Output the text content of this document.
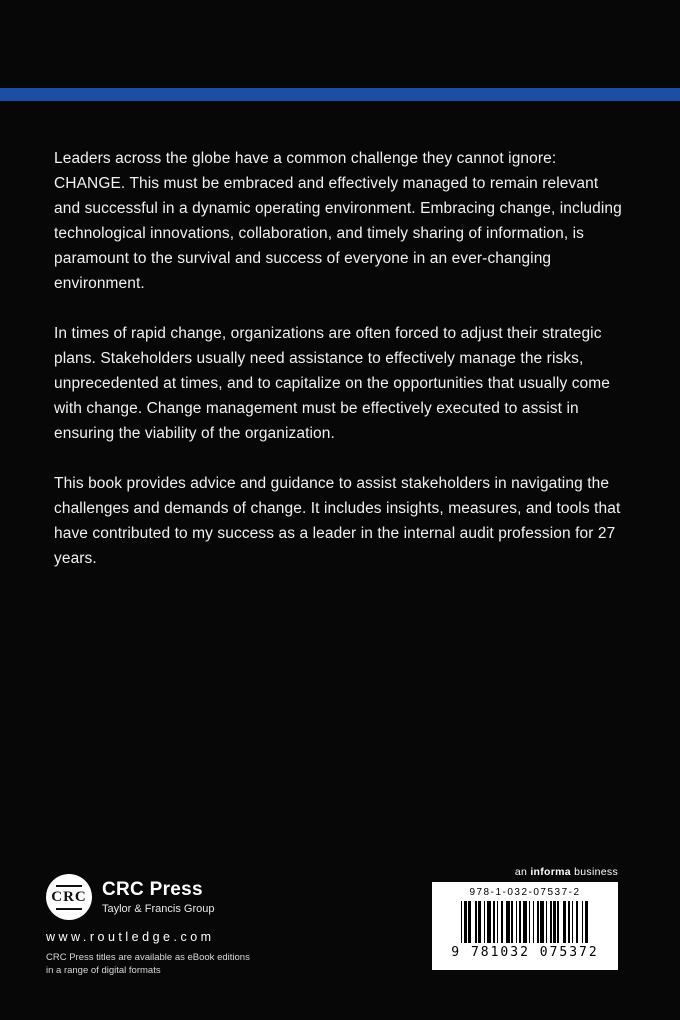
Leaders across the globe have a common challenge they cannot ignore: CHANGE. This must be embraced and effectively managed to remain relevant and successful in a dynamic operating environment. Embracing change, including technological innovations, collaboration, and timely sharing of information, is paramount to the survival and success of everyone in an ever-changing environment.

In times of rapid change, organizations are often forced to adjust their strategic plans. Stakeholders usually need assistance to effectively manage the risks, unprecedented at times, and to capitalize on the opportunities that usually come with change. Change management must be effectively executed to assist in ensuring the viability of the organization.

This book provides advice and guidance to assist stakeholders in navigating the challenges and demands of change. It includes insights, measures, and tools that have contributed to my success as a leader in the internal audit profession for 27 years.

CRC CRC Press
Taylor & Francis Group
www.routledge.com
CRC Press titles are available as eBook editions
in a range of digital formats
an informa business
978-1-032-07537-2
9 781032 075372
